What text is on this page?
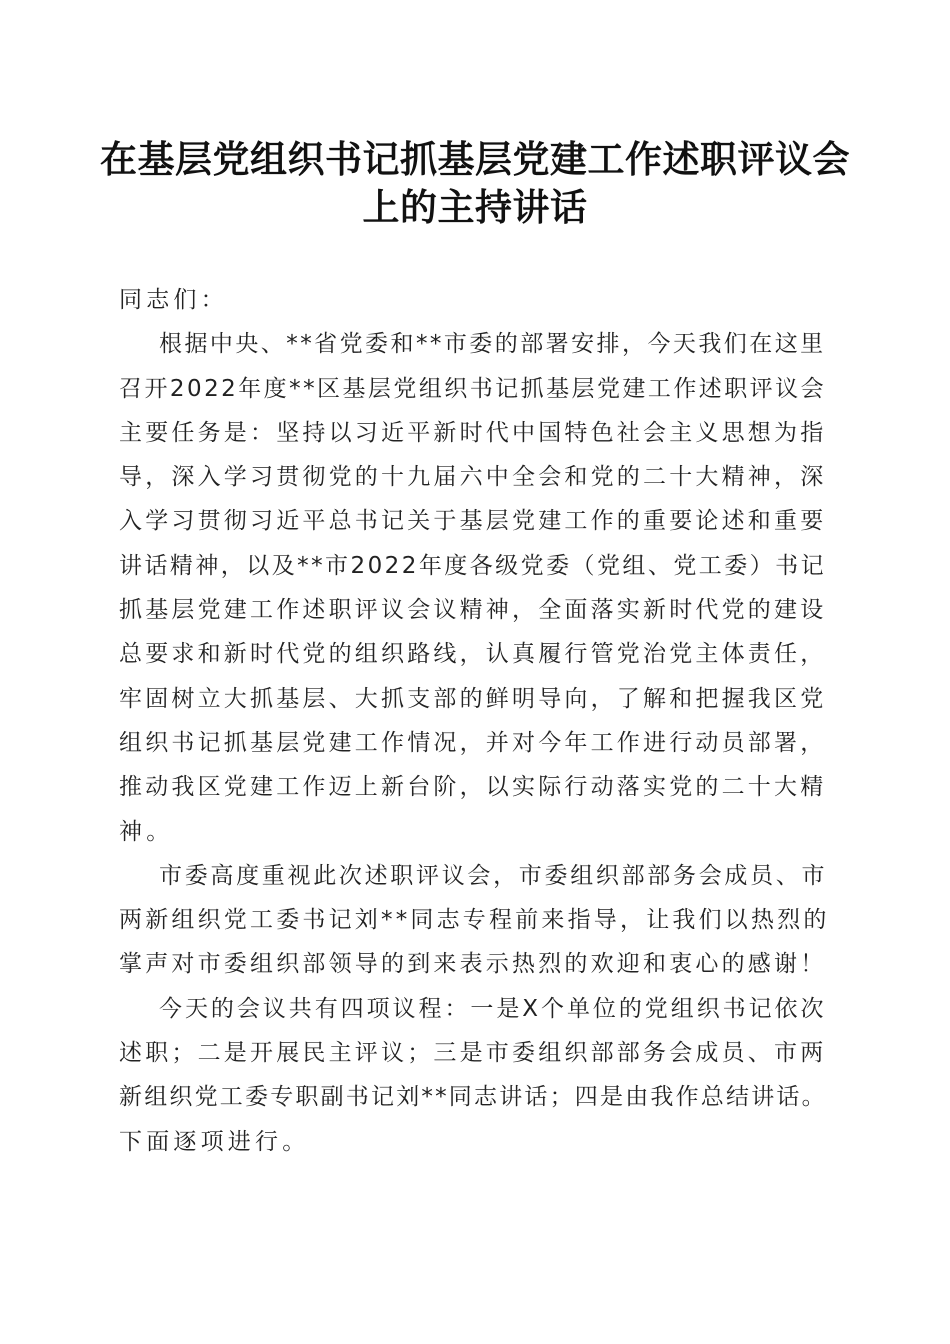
在基层党组织书记抓基层党建工作述职评议会
上的主持讲话
同志们：
根据中央、**省党委和**市委的部署安排，今天我们在这里
召开2022年度**区基层党组织书记抓基层党建工作述职评议会
主要任务是：坚持以习近平新时代中国特色社会主义思想为指
导，深入学习贯彻党的十九届六中全会和党的二十大精神，深
入学习贯彻习近平总书记关于基层党建工作的重要论述和重要
讲话精神，以及**市2022年度各级党委（党组、党工委）书记
抓基层党建工作述职评议会议精神，全面落实新时代党的建设
总要求和新时代党的组织路线，认真履行管党治党主体责任，
牢固树立大抓基层、大抓支部的鲜明导向，了解和把握我区党
组织书记抓基层党建工作情况，并对今年工作进行动员部署，
推动我区党建工作迈上新台阶，以实际行动落实党的二十大精
神。
市委高度重视此次述职评议会，市委组织部部务会成员、市
两新组织党工委书记刘**同志专程前来指导，让我们以热烈的
掌声对市委组织部领导的到来表示热烈的欢迎和衷心的感谢！
今天的会议共有四项议程：一是X个单位的党组织书记依次
述职；二是开展民主评议；三是市委组织部部务会成员、市两
新组织党工委专职副书记刘**同志讲话；四是由我作总结讲话。
下面逐项进行。
